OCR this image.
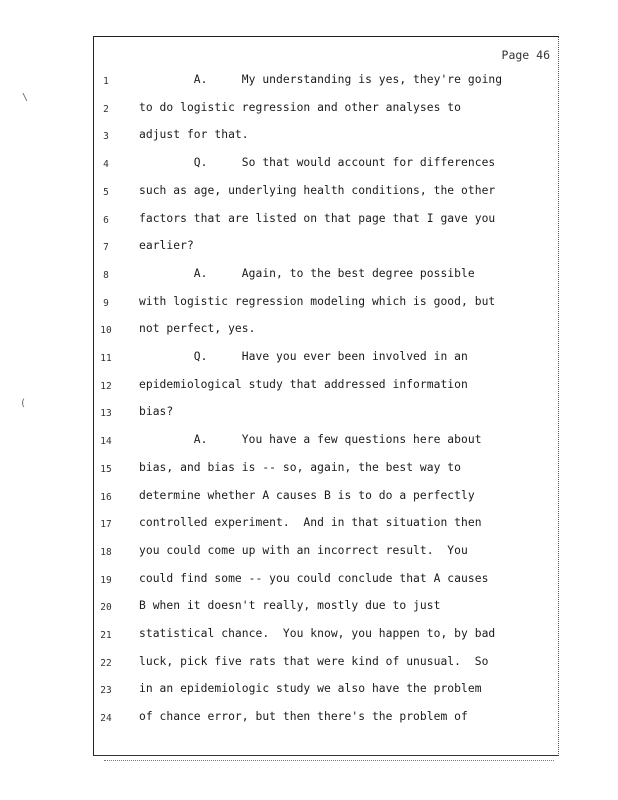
Page 46
1	A.     My understanding is yes, they're going
2	to do logistic regression and other analyses to
3	adjust for that.
4	Q.     So that would account for differences
5	such as age, underlying health conditions, the other
6	factors that are listed on that page that I gave you
7	earlier?
8	A.     Again, to the best degree possible
9	with logistic regression modeling which is good, but
10 not perfect, yes.
11 Q.     Have you ever been involved in an
12 epidemiological study that addressed information
13 bias?
14 A.     You have a few questions here about
15 bias, and bias is -- so, again, the best way to
16 determine whether A causes B is to do a perfectly
17 controlled experiment.  And in that situation then
18 you could come up with an incorrect result.  You
19 could find some -- you could conclude that A causes
20 B when it doesn't really, mostly due to just
21 statistical chance.  You know, you happen to, by bad
22 luck, pick five rats that were kind of unusual.  So
23 in an epidemiologic study we also have the problem
24 of chance error, but then there's the problem of
\
(
